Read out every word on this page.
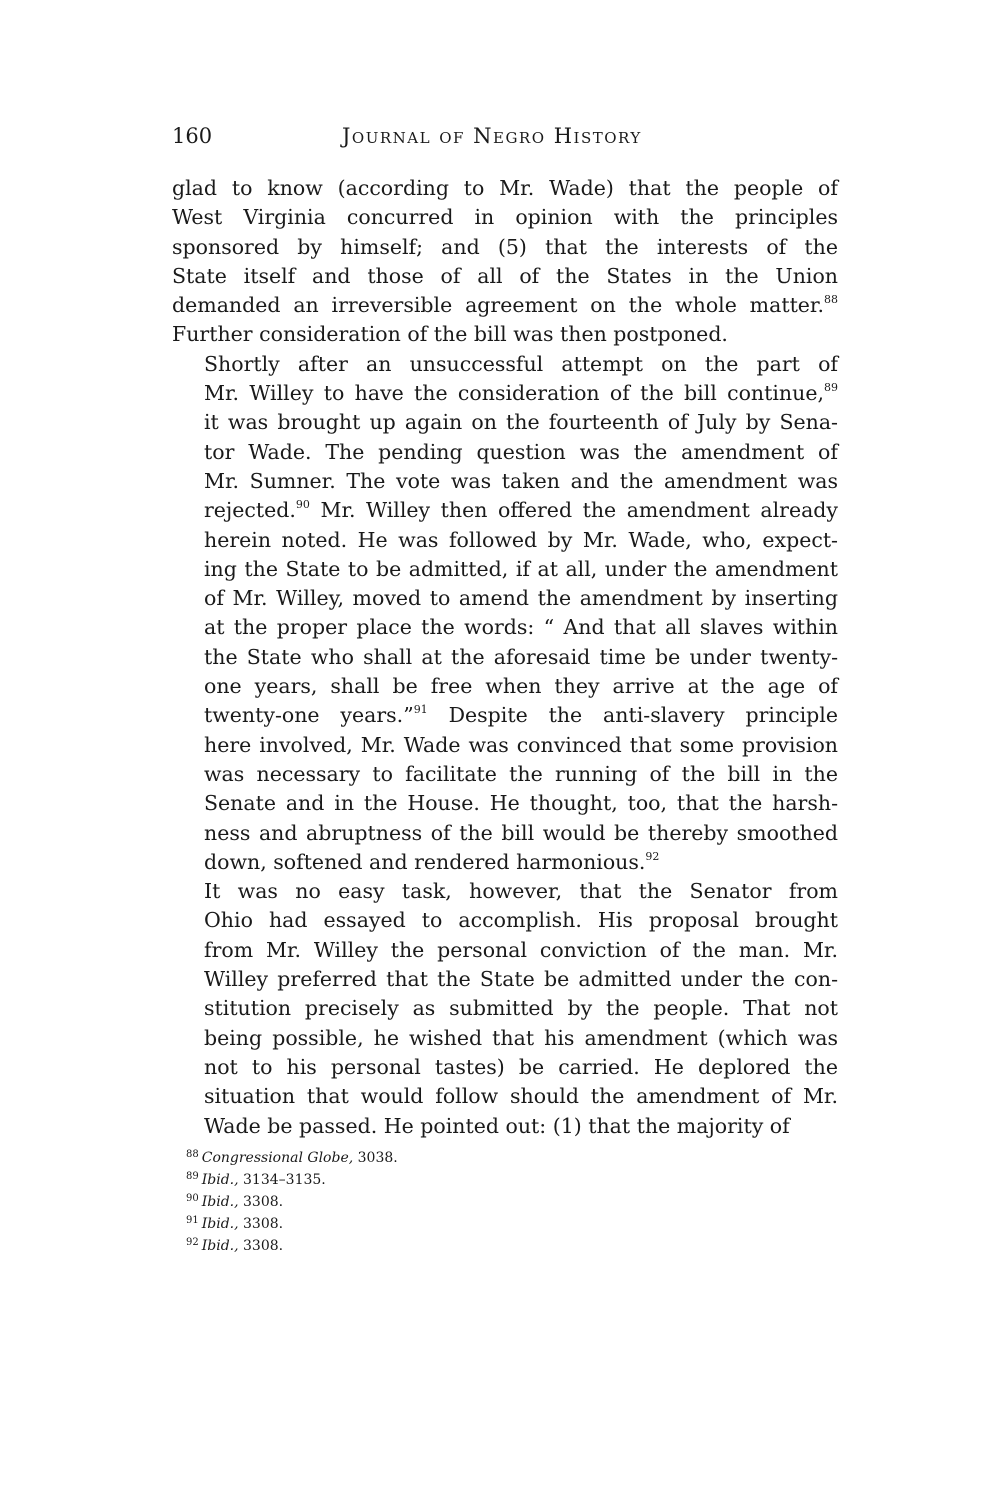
160	Journal of Negro History

glad to know (according to Mr. Wade) that the people of
West Virginia concurred in opinion with the principles
sponsored by himself; and (5) that the interests of the
State itself and those of all of the States in the Union
demanded an irreversible agreement on the whole matter.$^{88}$
Further consideration of the bill was then postponed.

Shortly after an unsuccessful attempt on the part of
Mr. Willey to have the consideration of the bill continue,$^{89}$
it was brought up again on the fourteenth of July by Sena-
tor Wade. The pending question was the amendment of
Mr. Sumner. The vote was taken and the amendment was
rejected.$^{90}$ Mr. Willey then offered the amendment already
herein noted. He was followed by Mr. Wade, who, expect-
ing the State to be admitted, if at all, under the amendment
of Mr. Willey, moved to amend the amendment by inserting
at the proper place the words: “ And that all slaves within
the State who shall at the aforesaid time be under twenty-
one years, shall be free when they arrive at the age of
twenty-one years.”$^{91}$ Despite the anti-slavery principle
here involved, Mr. Wade was convinced that some provision
was necessary to facilitate the running of the bill in the
Senate and in the House. He thought, too, that the harsh-
ness and abruptness of the bill would be thereby smoothed
down, softened and rendered harmonious.$^{92}$

It was no easy task, however, that the Senator from
Ohio had essayed to accomplish. His proposal brought
from Mr. Willey the personal conviction of the man. Mr.
Willey preferred that the State be admitted under the con-
stitution precisely as submitted by the people. That not
being possible, he wished that his amendment (which was
not to his personal tastes) be carried. He deplored the
situation that would follow should the amendment of Mr.
Wade be passed. He pointed out: (1) that the majority of

$^{88}$ Congressional Globe, 3038.
$^{89}$ Ibid., 3134–3135.
$^{90}$ Ibid., 3308.
$^{91}$ Ibid., 3308.
$^{92}$ Ibid., 3308.
